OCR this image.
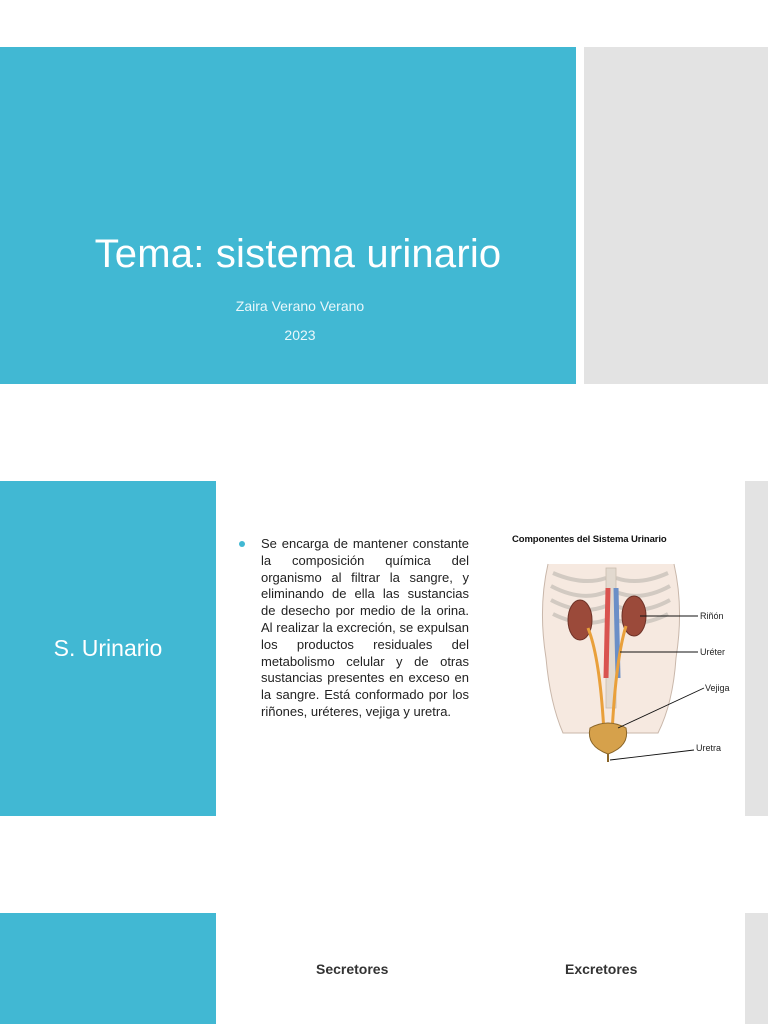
Tema: sistema urinario
Zaira Verano Verano
2023
S. Urinario
Se encarga de mantener constante la composición química del organismo al filtrar la sangre, y eliminando de ella las sustancias de desecho por medio de la orina. Al realizar la excreción, se expulsan los productos residuales del metabolismo celular y de otras sustancias presentes en exceso en la sangre. Está conformado por los riñones, uréteres, vejiga y uretra.
Componentes del Sistema Urinario
Riñón
Uréter
Vejiga
Uretra
Secretores	Excretores
